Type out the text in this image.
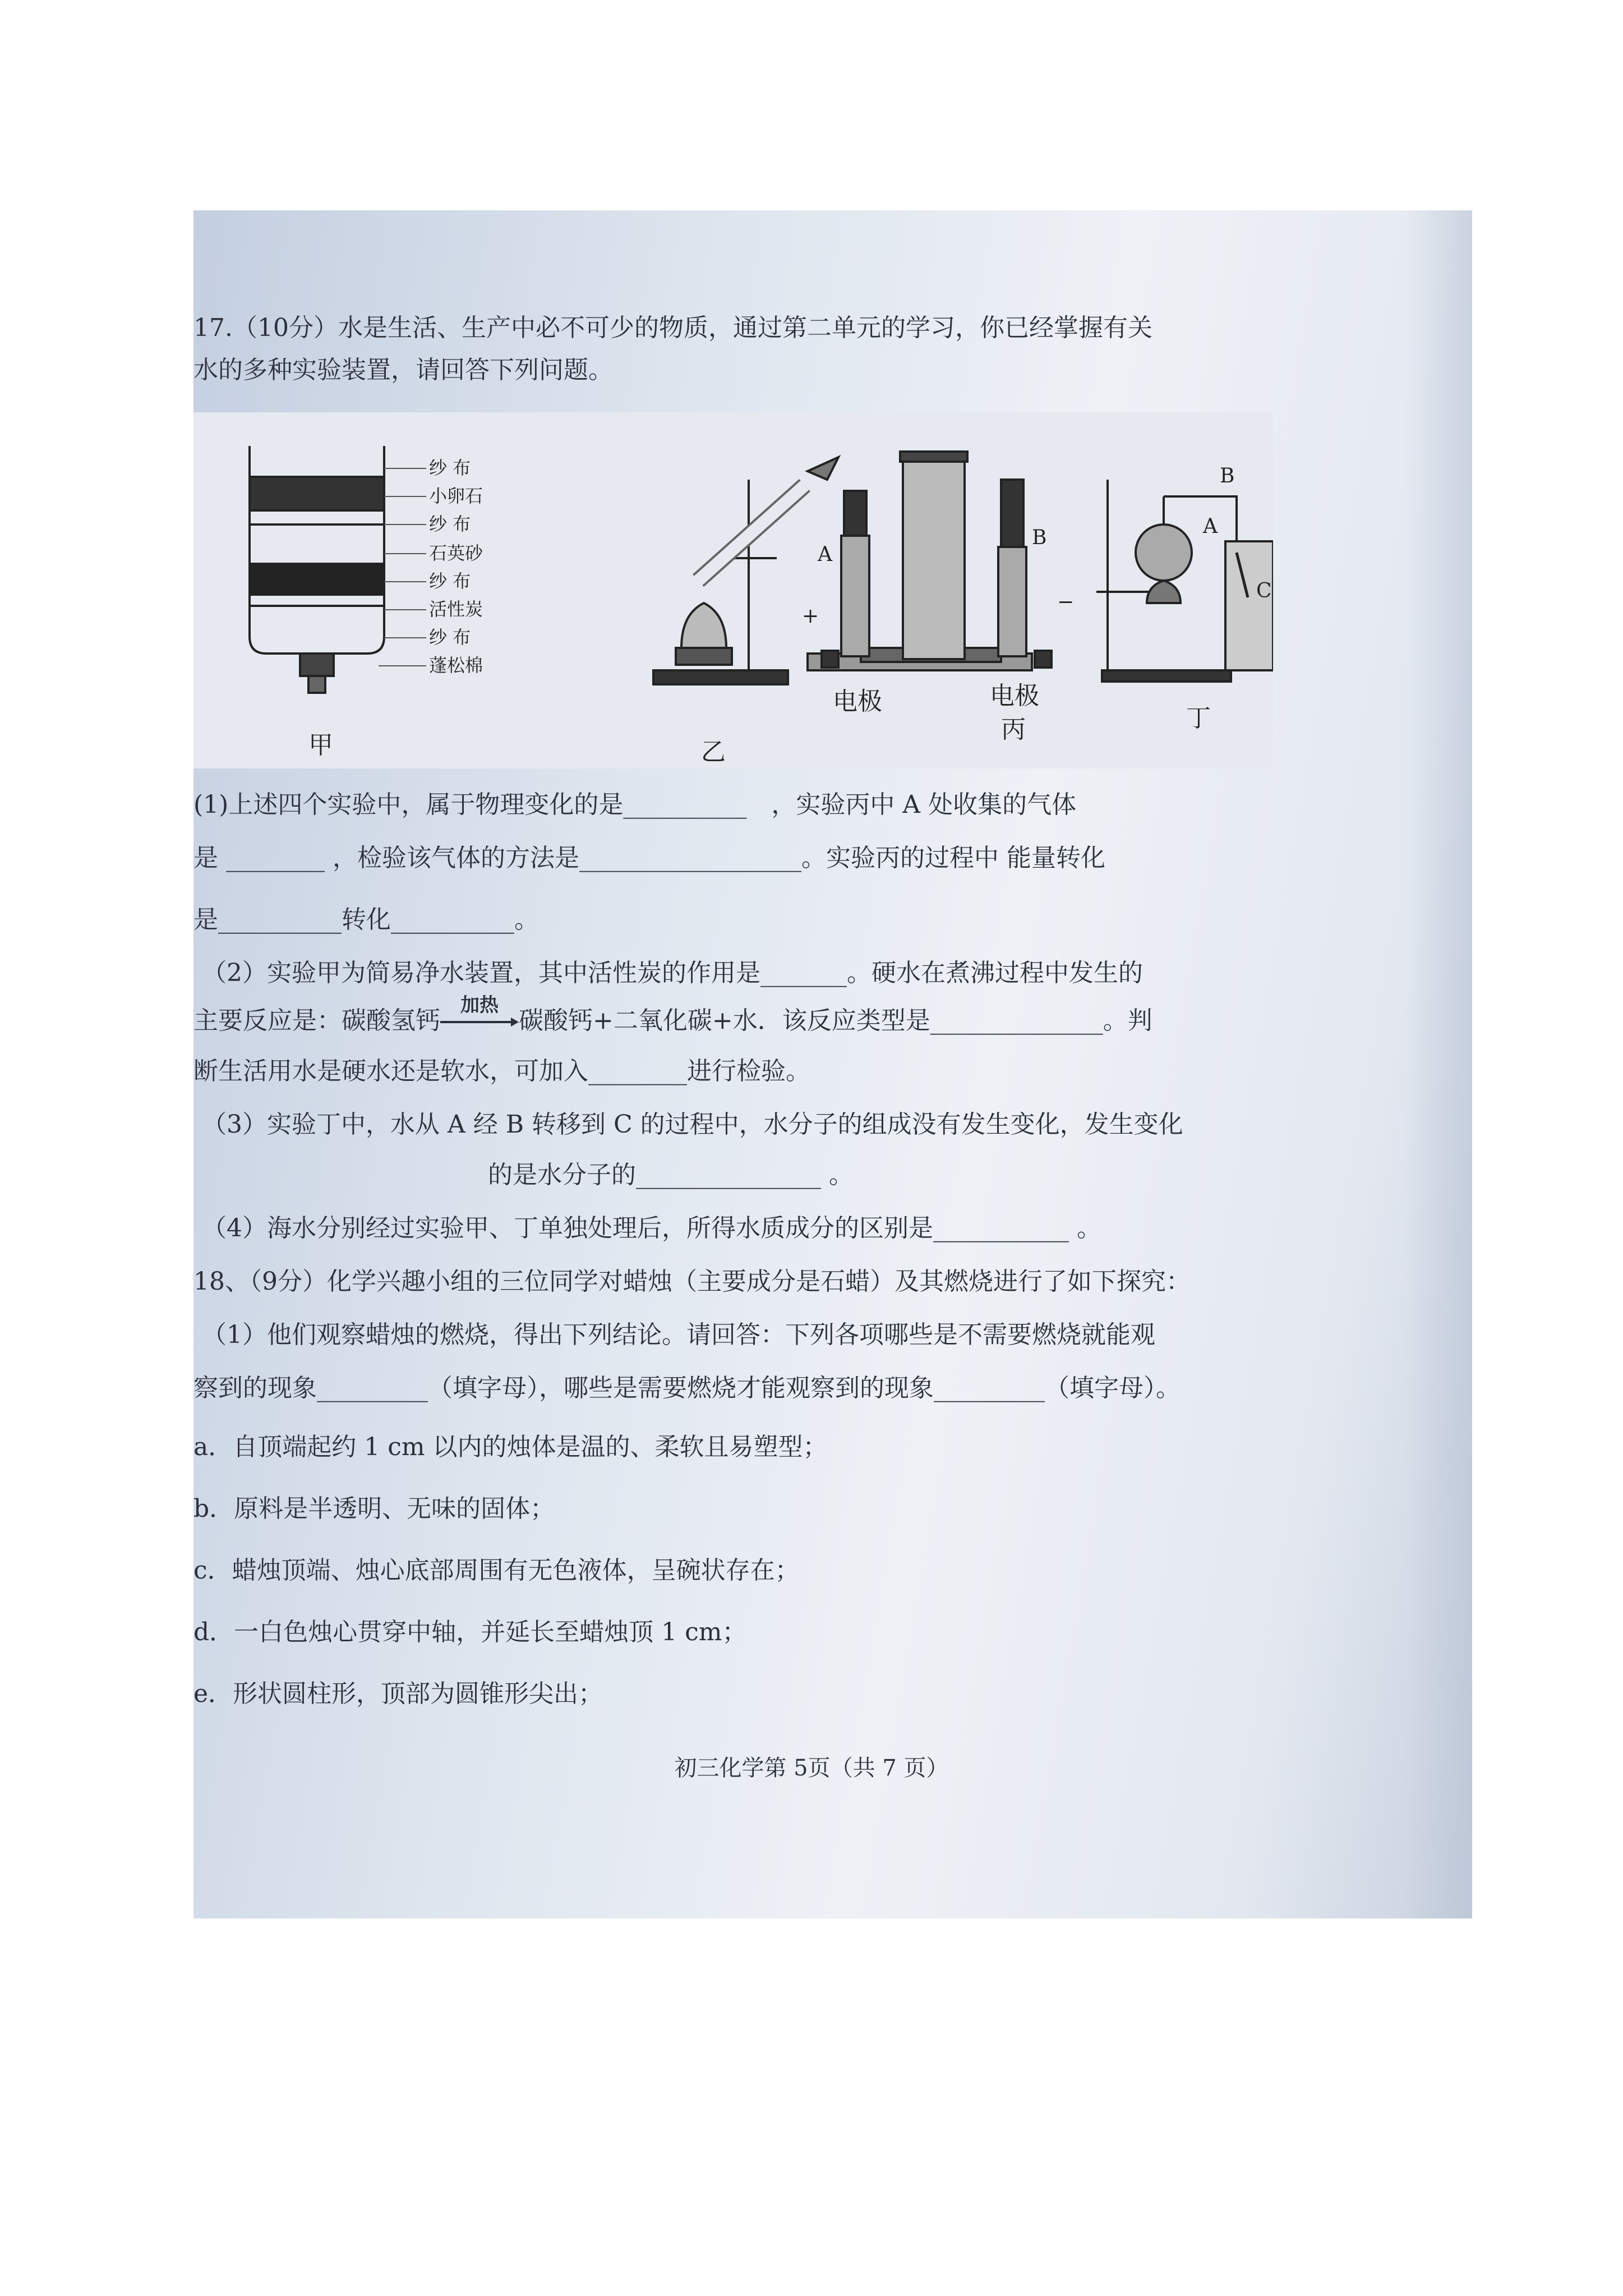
17.（10分）水是生活、生产中必不可少的物质，通过第二单元的学习，你已经掌握有关
水的多种实验装置，请回答下列问题。
纱 布
小卵石
纱 布
石英砂
纱 布
活性炭
纱 布
蓬松棉
A
B
+
−
电极	电极
A
B
C
甲	乙
丙	丁
(1)上述四个实验中，属于物理变化的是__________　，实验丙中 A 处收集的气体
是 ________ ，检验该气体的方法是__________________。实验丙的过程中 能量转化
是__________转化__________。
（2）实验甲为简易净水装置，其中活性炭的作用是_______。硬水在煮沸过程中发生的
主要反应是：碳酸氢钙
加热
碳酸钙+二氧化碳+水．该反应类型是______________。判
断生活用水是硬水还是软水，可加入________进行检验。
（3）实验丁中，水从 A 经 B 转移到 C 的过程中，水分子的组成没有发生变化，发生变化
的是水分子的_______________ 。
（4）海水分别经过实验甲、丁单独处理后，所得水质成分的区别是___________ 。
18、（9分）化学兴趣小组的三位同学对蜡烛（主要成分是石蜡）及其燃烧进行了如下探究：
（1）他们观察蜡烛的燃烧，得出下列结论。请回答：下列各项哪些是不需要燃烧就能观
察到的现象_________（填字母），哪些是需要燃烧才能观察到的现象_________（填字母）。
a．自顶端起约 1 cm 以内的烛体是温的、柔软且易塑型；
b．原料是半透明、无味的固体；
c．蜡烛顶端、烛心底部周围有无色液体，呈碗状存在；
d．一白色烛心贯穿中轴，并延长至蜡烛顶 1 cm；
e．形状圆柱形，顶部为圆锥形尖出；
初三化学第 5页（共 7 页）
